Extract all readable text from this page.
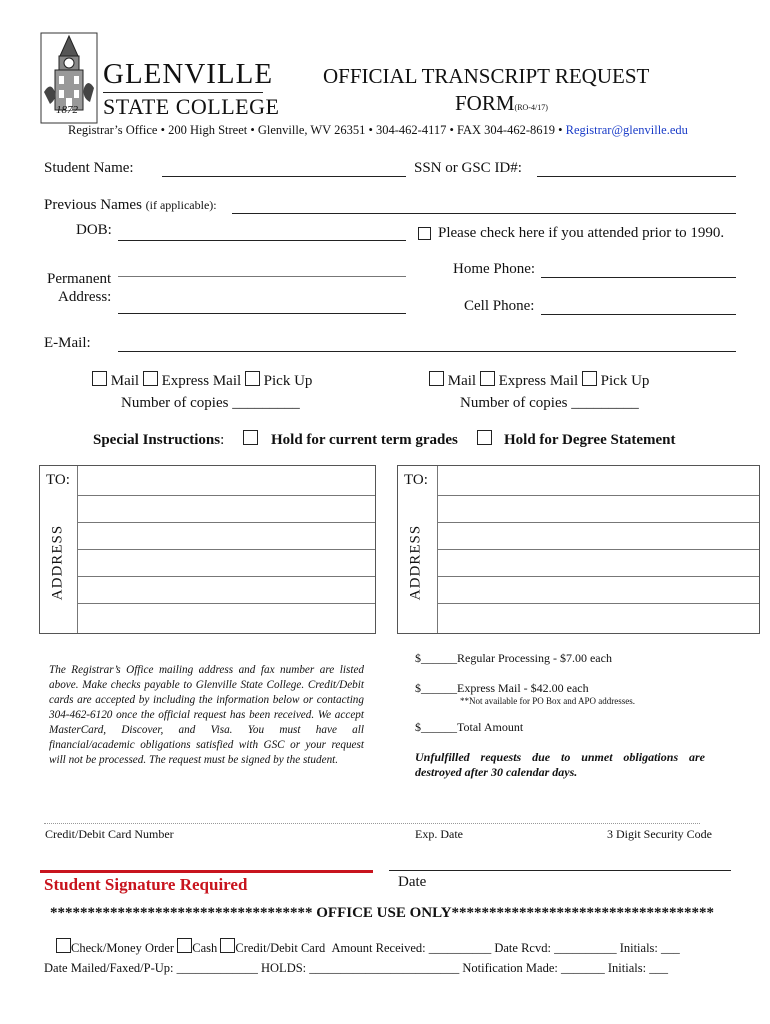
1872
GLENVILLE
STATE COLLEGE
OFFICIAL TRANSCRIPT REQUEST
FORM(RO-4/17)
Registrar’s Office • 200 High Street • Glenville, WV 26351 • 304-462-4117 • FAX 304-462-8619 • Registrar@glenville.edu
Student Name:	SSN or GSC ID#:
Previous Names (if applicable):
DOB:	Please check here if you attended prior to 1990.
Permanent
Address:
Home Phone:
Cell Phone:
E-Mail:
Mail Express Mail Pick Up
Number of copies _________
Mail Express Mail Pick Up
Number of copies _________
Special Instructions:	Hold for current term grades	Hold for Degree Statement
TO:
ADDRESS
TO:
ADDRESS
The Registrar’s Office mailing address and fax number are listed above. Make checks payable to Glenville State College. Credit/Debit cards are accepted by including the information below or contacting 304-462-6120 once the official request has been received. We accept MasterCard, Discover, and Visa. You must have all financial/academic obligations satisfied with GSC or your request will not be processed. The request must be signed by the student.
$______Regular Processing - $7.00 each
$______Express Mail - $42.00 each
**Not available for PO Box and APO addresses.
$______Total Amount
Unfulfilled requests due to unmet obligations are destroyed after 30 calendar days.
Credit/Debit Card Number	Exp. Date	3 Digit Security Code
Student Signature Required	Date
*********************************** OFFICE USE ONLY***********************************
Check/Money Order Cash Credit/Debit Card Amount Received: __________ Date Rcvd: __________ Initials: ___
Date Mailed/Faxed/P-Up: _____________ HOLDS: ________________________ Notification Made: _______ Initials: ___
